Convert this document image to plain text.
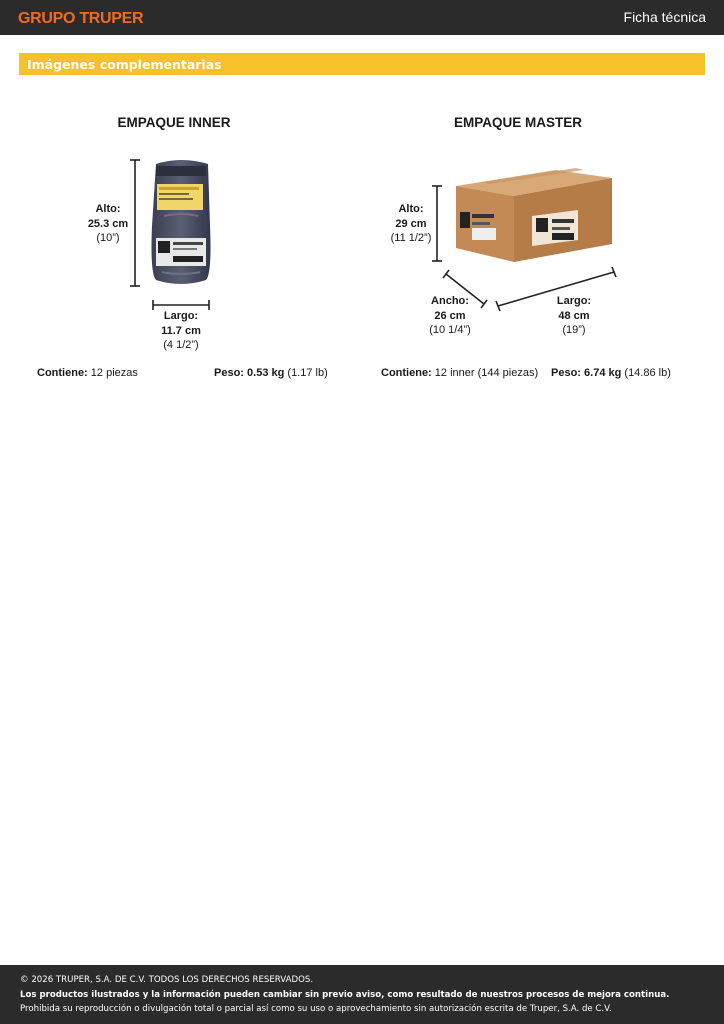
GRUPO TRUPER	Ficha técnica
Imágenes complementarias
EMPAQUE INNER
Alto:
25.3 cm
(10”)
Largo:
11.7 cm
(4 1/2”)
Contiene: 12 piezas	Peso: 0.53 kg (1.17 lb)
EMPAQUE MASTER
Alto:
29 cm
(11 1/2”)
Ancho:
26 cm
(10 1/4”)
Largo:
48 cm
(19”)
Contiene: 12 inner (144 piezas) Peso: 6.74 kg (14.86 lb)
© 2026 TRUPER, S.A. DE C.V. TODOS LOS DERECHOS RESERVADOS.
Los productos ilustrados y la información pueden cambiar sin previo aviso, como resultado de nuestros procesos de mejora continua.
Prohibida su reproducción o divulgación total o parcial así como su uso o aprovechamiento sin autorización escrita de Truper, S.A. de C.V.
